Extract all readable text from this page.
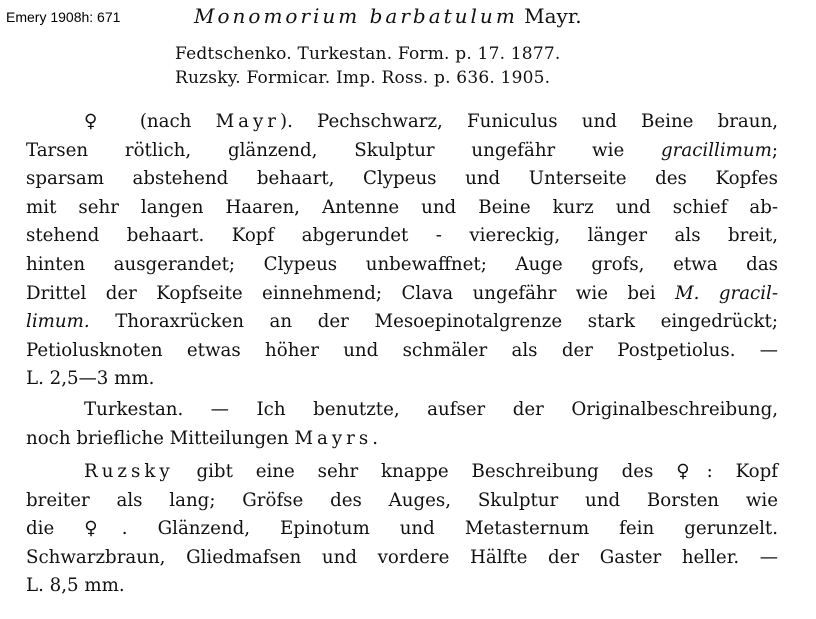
Emery 1908h: 671	Monomorium barbatulum Mayr.
Fedtschenko. Turkestan. Form. p. 17. 1877.
Ruzsky. Formicar. Imp. Ross. p. 636. 1905.
♀ (nach Mayr). Pechschwarz, Funiculus und Beine braun,
Tarsen rötlich, glänzend, Skulptur ungefähr wie gracillimum;
sparsam abstehend behaart, Clypeus und Unterseite des Kopfes
mit sehr langen Haaren, Antenne und Beine kurz und schief ab-
stehend behaart. Kopf abgerundet - viereckig, länger als breit,
hinten ausgerandet; Clypeus unbewaffnet; Auge grofs, etwa das
Drittel der Kopfseite einnehmend; Clava ungefähr wie bei M. gracil-
limum. Thoraxrücken an der Mesoepinotalgrenze stark eingedrückt;
Petiolusknoten etwas höher und schmäler als der Postpetiolus. —
L. 2,5—3 mm.
Turkestan. — Ich benutzte, aufser der Originalbeschreibung,
noch briefliche Mitteilungen Mayrs.
Ruzsky gibt eine sehr knappe Beschreibung des ♀: Kopf
breiter als lang; Gröfse des Auges, Skulptur und Borsten wie
die ♀. Glänzend, Epinotum und Metasternum fein gerunzelt.
Schwarzbraun, Gliedmafsen und vordere Hälfte der Gaster heller. —
L. 8,5 mm.
